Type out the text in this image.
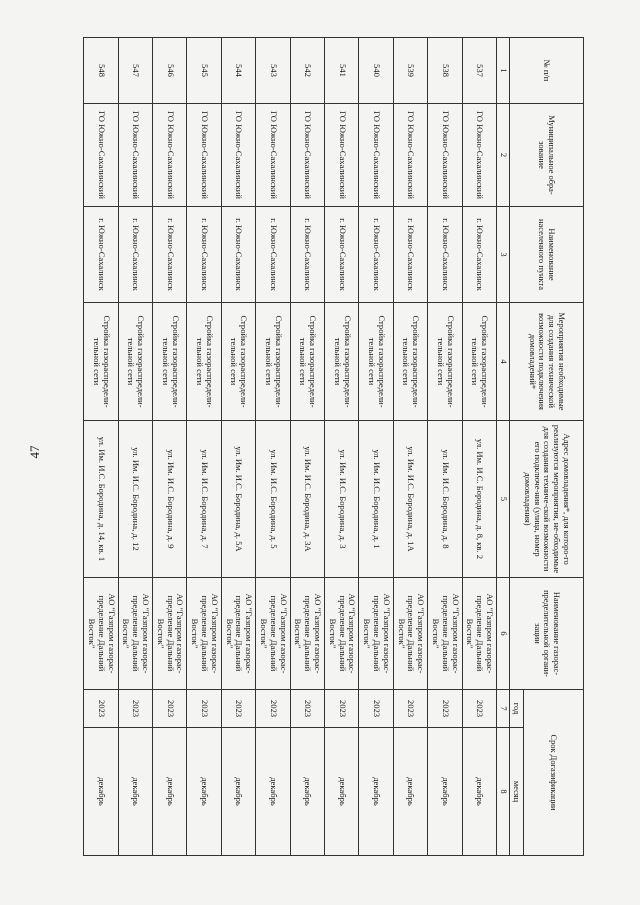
47
№ п/п	Муниципальное обра-зование	Наименование населенного пункта	Мероприятия необходимые для создания технической возможности подключения домовладений*	Адрес домовладения*, для которо-го реализуются мероприятия, не-обходимые для создания техниче-ской возможности его подключе-ния (улица, номер домовладения)	Наименование газорас-пределительной органи-зации	Срок Догазификации	
						год	месяц
1	2	3	4	5	6	7	8
537	ГО Южно-Сахалинский	г. Южно-Сахалинск	Стройка газораспредели-тельной сети	ул. Им. И.С. Бородина, д. 8, кв. 2	АО "Газпром газорас-пределение Дальний Восток"	2023	декабрь
538	ГО Южно-Сахалинский	г. Южно-Сахалинск	Стройка газораспредели-тельной сети	ул. Им. И.С. Бородина, д. 8	АО "Газпром газорас-пределение Дальний Восток"	2023	декабрь
539	ГО Южно-Сахалинский	г. Южно-Сахалинск	Стройка газораспредели-тельной сети	ул. Им. И.С. Бородина, д. 1А	АО "Газпром газорас-пределение Дальний Восток"	2023	декабрь
540	ГО Южно-Сахалинский	г. Южно-Сахалинск	Стройка газораспредели-тельной сети	ул. Им. И.С. Бородина, д. 1	АО "Газпром газорас-пределение Дальний Восток"	2023	декабрь
541	ГО Южно-Сахалинский	г. Южно-Сахалинск	Стройка газораспредели-тельной сети	ул. Им. И.С. Бородина, д. 3	АО "Газпром газорас-пределение Дальний Восток"	2023	декабрь
542	ГО Южно-Сахалинский	г. Южно-Сахалинск	Стройка газораспредели-тельной сети	ул. Им. И.С. Бородина, д. 3А	АО "Газпром газорас-пределение Дальний Восток"	2023	декабрь
543	ГО Южно-Сахалинский	г. Южно-Сахалинск	Стройка газораспредели-тельной сети	ул. Им. И.С. Бородина, д. 5	АО "Газпром газорас-пределение Дальний Восток"	2023	декабрь
544	ГО Южно-Сахалинский	г. Южно-Сахалинск	Стройка газораспредели-тельной сети	ул. Им. И.С. Бородина, д. 5А	АО "Газпром газорас-пределение Дальний Восток"	2023	декабрь
545	ГО Южно-Сахалинский	г. Южно-Сахалинск	Стройка газораспредели-тельной сети	ул. Им. И.С. Бородина, д. 7	АО "Газпром газорас-пределение Дальний Восток"	2023	декабрь
546	ГО Южно-Сахалинский	г. Южно-Сахалинск	Стройка газораспредели-тельной сети	ул. Им. И.С. Бородина, д. 9	АО "Газпром газорас-пределение Дальний Восток"	2023	декабрь
547	ГО Южно-Сахалинский	г. Южно-Сахалинск	Стройка газораспредели-тельной сети	ул. Им. И.С. Бородина, д. 12	АО "Газпром газорас-пределение Дальний Восток"	2023	декабрь
548	ГО Южно-Сахалинский	г. Южно-Сахалинск	Стройка газораспредели-тельной сети	ул. Им. И.С. Бородина, д. 14, кв. 1	АО "Газпром газорас-пределение Дальний Восток"	2023	декабрь
